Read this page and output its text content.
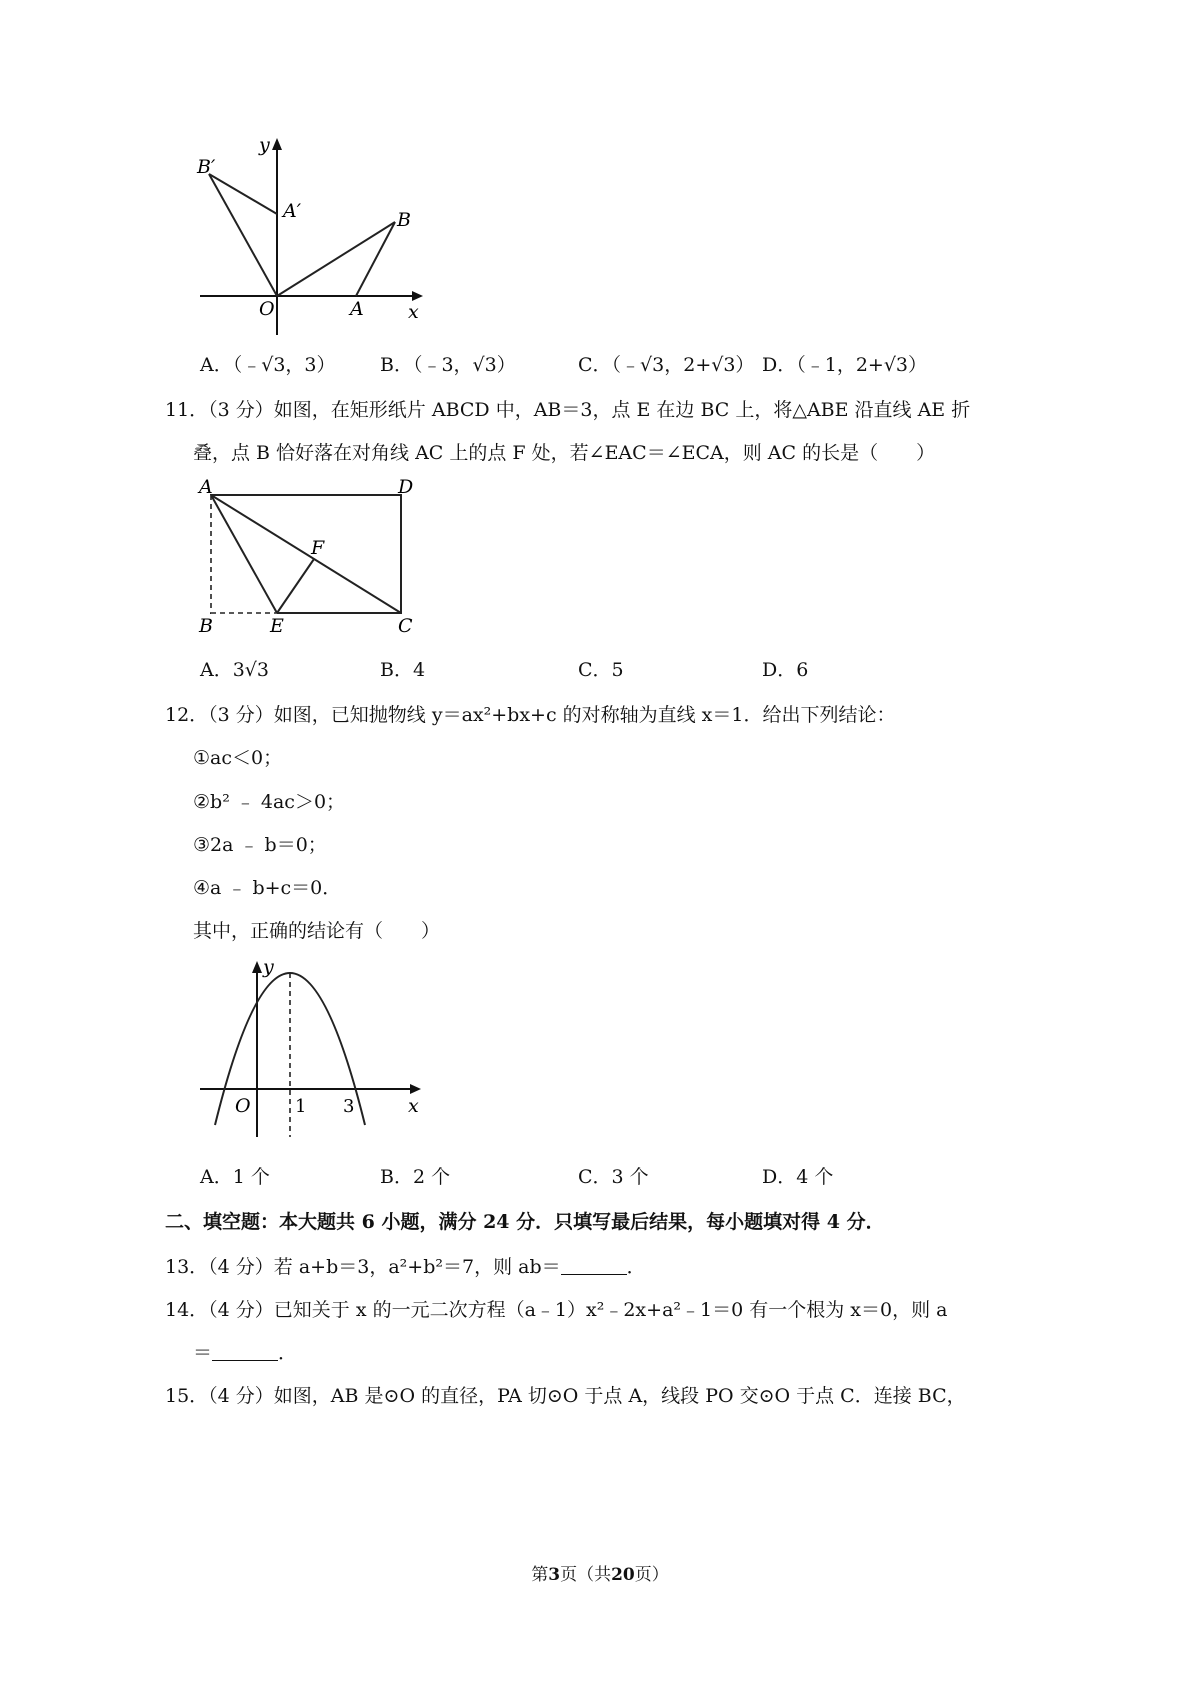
y
x
O	A
B
A′
B′
A．（﹣√3，3） B．（﹣3，√3）	C．（﹣√3，2+√3） D．（﹣1，2+√3）
11．（3 分）如图，在矩形纸片 ABCD 中，AB＝3，点 E 在边 BC 上，将△ABE 沿直线 AE 折
叠，点 B 恰好落在对角线 AC 上的点 F 处，若∠EAC＝∠ECA，则 AC 的长是（　　）
A	D
B	E	C
F
A．3√3	B．4	C．5	D．6
12．（3 分）如图，已知抛物线 y＝ax²+bx+c 的对称轴为直线 x＝1．给出下列结论：
①ac＜0；
②b² ﹣ 4ac＞0；
③2a ﹣ b＝0；
④a ﹣ b+c＝0．
其中，正确的结论有（　　）
y
x
O 1 3
A．1 个	B．2 个	C．3 个	D．4 个
二、填空题：本大题共 6 小题，满分 24 分．只填写最后结果，每小题填对得 4 分．
13．（4 分）若 a+b＝3，a²+b²＝7，则 ab＝	．
14．（4 分）已知关于 x 的一元二次方程（a﹣1）x²﹣2x+a²﹣1＝0 有一个根为 x＝0，则 a
＝	．
15．（4 分）如图，AB 是⊙O 的直径，PA 切⊙O 于点 A，线段 PO 交⊙O 于点 C．连接 BC，
第3页（共20页）
